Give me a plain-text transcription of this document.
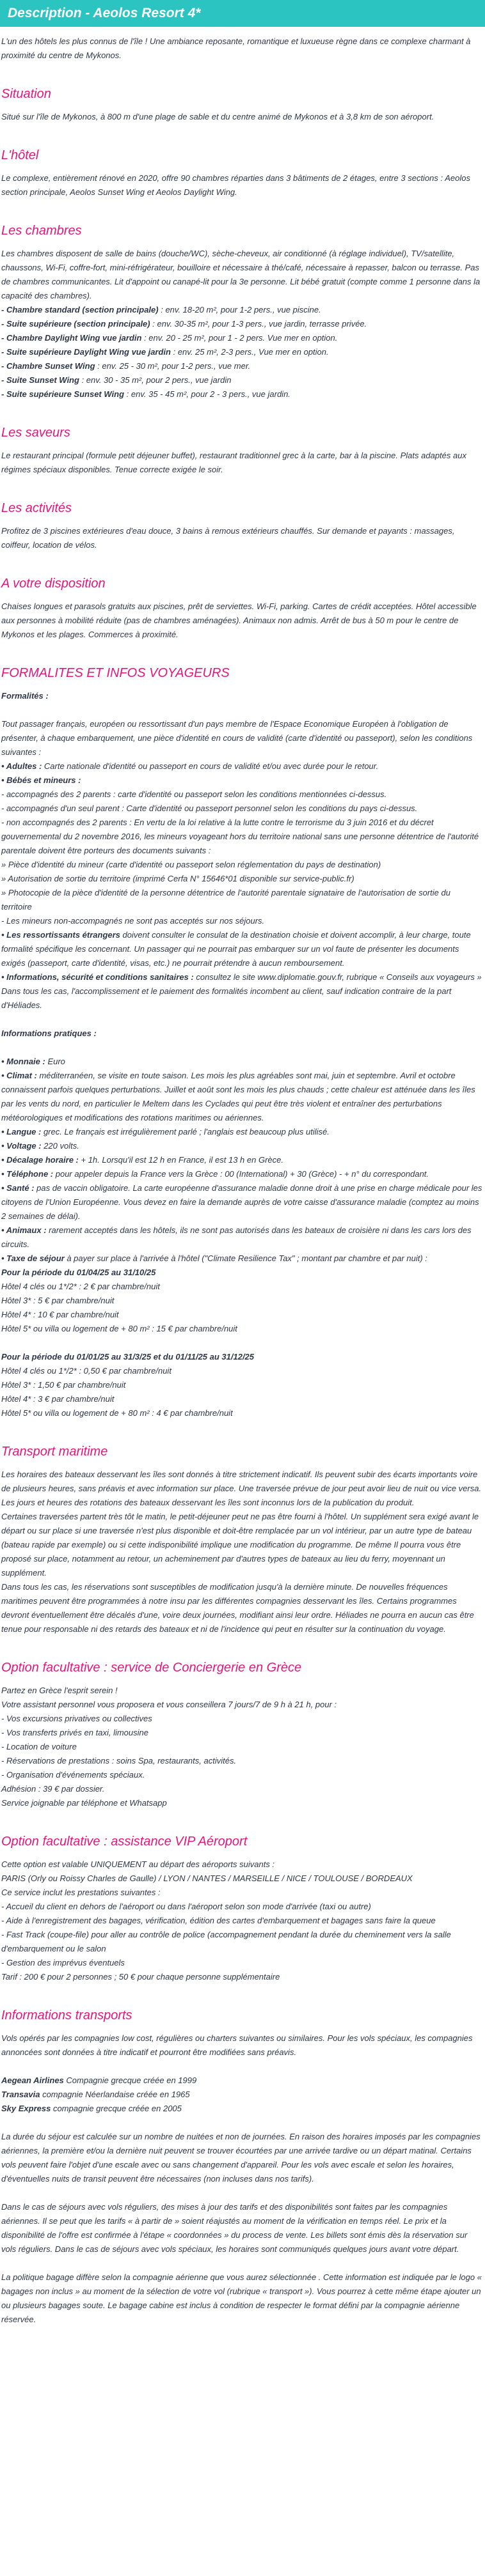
Description - Aeolos Resort 4*

L'un des hôtels les plus connus de l'île ! Une ambiance reposante, romantique et luxueuse règne dans ce complexe charmant à proximité du centre de Mykonos.

Situation

Situé sur l'île de Mykonos, à 800 m d'une plage de sable et du centre animé de Mykonos et à 3,8 km de son aéroport.

L'hôtel

Le complexe, entièrement rénové en 2020, offre 90 chambres réparties dans 3 bâtiments de 2 étages, entre 3 sections : Aeolos section principale, Aeolos Sunset Wing et Aeolos Daylight Wing.

Les chambres

Les chambres disposent de salle de bains (douche/WC), sèche-cheveux, air conditionné (à réglage individuel), TV/satellite, chaussons, Wi-Fi, coffre-fort, mini-réfrigérateur, bouilloire et nécessaire à thé/café, nécessaire à repasser, balcon ou terrasse. Pas de chambres communicantes. Lit d'appoint ou canapé-lit pour la 3e personne. Lit bébé gratuit (compte comme 1 personne dans la capacité des chambres).

- Chambre standard (section principale) : env. 18-20 m², pour 1-2 pers., vue piscine.

- Suite supérieure (section principale) : env. 30-35 m², pour 1-3 pers., vue jardin, terrasse privée.

- Chambre Daylight Wing vue jardin : env. 20 - 25 m², pour 1 - 2 pers. Vue mer en option.

- Suite supérieure Daylight Wing vue jardin : env. 25 m², 2-3 pers., Vue mer en option.

- Chambre Sunset Wing : env. 25 - 30 m², pour 1-2 pers., vue mer.

- Suite Sunset Wing : env. 30 - 35 m², pour 2 pers., vue jardin

- Suite supérieure Sunset Wing : env. 35 - 45 m², pour 2 - 3 pers., vue jardin.

Les saveurs

Le restaurant principal (formule petit déjeuner buffet), restaurant traditionnel grec à la carte, bar à la piscine. Plats adaptés aux régimes spéciaux disponibles. Tenue correcte exigée le soir.

Les activités

Profitez de 3 piscines extérieures d'eau douce, 3 bains à remous extérieurs chauffés. Sur demande et payants : massages, coiffeur, location de vélos.

A votre disposition

Chaises longues et parasols gratuits aux piscines, prêt de serviettes. Wi-Fi, parking. Cartes de crédit acceptées. Hôtel accessible aux personnes à mobilité réduite (pas de chambres aménagées). Animaux non admis. Arrêt de bus à 50 m pour le centre de Mykonos et les plages. Commerces à proximité.

FORMALITES ET INFOS VOYAGEURS

Formalités :

Tout passager français, européen ou ressortissant d'un pays membre de l'Espace Economique Européen à l'obligation de présenter, à chaque embarquement, une pièce d'identité en cours de validité (carte d'identité ou passeport), selon les conditions suivantes :

• Adultes : Carte nationale d'identité ou passeport en cours de validité et/ou avec durée pour le retour.

• Bébés et mineurs :

- accompagnés des 2 parents : carte d'identité ou passeport selon les conditions mentionnées ci-dessus.

- accompagnés d'un seul parent : Carte d'identité ou passeport personnel selon les conditions du pays ci-dessus.

- non accompagnés des 2 parents : En vertu de la loi relative à la lutte contre le terrorisme du 3 juin 2016 et du décret gouvernemental du 2 novembre 2016, les mineurs voyageant hors du territoire national sans une personne détentrice de l'autorité parentale doivent être porteurs des documents suivants :

» Pièce d'identité du mineur (carte d'identité ou passeport selon réglementation du pays de destination)

» Autorisation de sortie du territoire (imprimé Cerfa N° 15646*01 disponible sur service-public.fr)

» Photocopie de la pièce d'identité de la personne détentrice de l'autorité parentale signataire de l'autorisation de sortie du territoire

- Les mineurs non-accompagnés ne sont pas acceptés sur nos séjours.

• Les ressortissants étrangers doivent consulter le consulat de la destination choisie et doivent accomplir, à leur charge, toute formalité spécifique les concernant. Un passager qui ne pourrait pas embarquer sur un vol faute de présenter les documents exigés (passeport, carte d'identité, visas, etc.) ne pourrait prétendre à aucun remboursement.

• Informations, sécurité et conditions sanitaires : consultez le site www.diplomatie.gouv.fr, rubrique « Conseils aux voyageurs »

Dans tous les cas, l'accomplissement et le paiement des formalités incombent au client, sauf indication contraire de la part d'Héliades.

Informations pratiques :

• Monnaie : Euro

• Climat : méditerranéen, se visite en toute saison. Les mois les plus agréables sont mai, juin et septembre. Avril et octobre connaissent parfois quelques perturbations. Juillet et août sont les mois les plus chauds ; cette chaleur est atténuée dans les îles par les vents du nord, en particulier le Meltem dans les Cyclades qui peut être très violent et entraîner des perturbations météorologiques et modifications des rotations maritimes ou aériennes.

• Langue : grec. Le français est irrégulièrement parlé ; l'anglais est beaucoup plus utilisé.

• Voltage : 220 volts.

• Décalage horaire : + 1h. Lorsqu'il est 12 h en France, il est 13 h en Grèce.

• Téléphone : pour appeler depuis la France vers la Grèce : 00 (International) + 30 (Grèce) - + n° du correspondant.

• Santé : pas de vaccin obligatoire. La carte européenne d'assurance maladie donne droit à une prise en charge médicale pour les citoyens de l'Union Européenne. Vous devez en faire la demande auprès de votre caisse d'assurance maladie (comptez au moins 2 semaines de délai).

• Animaux : rarement acceptés dans les hôtels, ils ne sont pas autorisés dans les bateaux de croisière ni dans les cars lors des circuits.

• Taxe de séjour à payer sur place à l'arrivée à l'hôtel ("Climate Resilience Tax" ; montant par chambre et par nuit) :

Pour la période du 01/04/25 au 31/10/25

Hôtel 4 clés ou 1*/2* : 2 € par chambre/nuit

Hôtel 3* : 5 € par chambre/nuit

Hôtel 4* : 10 € par chambre/nuit

Hôtel 5* ou villa ou logement de + 80 m² : 15 € par chambre/nuit

Pour la période du 01/01/25 au 31/3/25 et du 01/11/25 au 31/12/25

Hôtel 4 clés ou 1*/2* : 0,50 € par chambre/nuit

Hôtel 3* : 1,50 € par chambre/nuit

Hôtel 4* : 3 € par chambre/nuit

Hôtel 5* ou villa ou logement de + 80 m² : 4 € par chambre/nuit

Transport maritime

Les horaires des bateaux desservant les îles sont donnés à titre strictement indicatif. Ils peuvent subir des écarts importants voire de plusieurs heures, sans préavis et avec information sur place. Une traversée prévue de jour peut avoir lieu de nuit ou vice versa. Les jours et heures des rotations des bateaux desservant les îles sont inconnus lors de la publication du produit.

Certaines traversées partent très tôt le matin, le petit-déjeuner peut ne pas être fourni à l'hôtel. Un supplément sera exigé avant le départ ou sur place si une traversée n'est plus disponible et doit-être remplacée par un vol intérieur, par un autre type de bateau (bateau rapide par exemple) ou si cette indisponibilité implique une modification du programme. De même Il pourra vous être proposé sur place, notamment au retour, un acheminement par d'autres types de bateaux au lieu du ferry, moyennant un supplément.

Dans tous les cas, les réservations sont susceptibles de modification jusqu'à la dernière minute. De nouvelles fréquences maritimes peuvent être programmées à notre insu par les différentes compagnies desservant les îles. Certains programmes devront éventuellement être décalés d'une, voire deux journées, modifiant ainsi leur ordre. Héliades ne pourra en aucun cas être tenue pour responsable ni des retards des bateaux et ni de l'incidence qui peut en résulter sur la continuation du voyage.

Option facultative : service de Conciergerie en Grèce

Partez en Grèce l'esprit serein !

Votre assistant personnel vous proposera et vous conseillera 7 jours/7 de 9 h à 21 h, pour :

- Vos excursions privatives ou collectives

- Vos transferts privés en taxi, limousine

- Location de voiture

- Réservations de prestations : soins Spa, restaurants, activités.

- Organisation d'événements spéciaux.

Adhésion : 39 € par dossier.

Service joignable par téléphone et Whatsapp

Option facultative : assistance VIP Aéroport

Cette option est valable UNIQUEMENT au départ des aéroports suivants :

PARIS (Orly ou Roissy Charles de Gaulle) / LYON / NANTES / MARSEILLE / NICE / TOULOUSE / BORDEAUX

Ce service inclut les prestations suivantes :

- Accueil du client en dehors de l'aéroport ou dans l'aéroport selon son mode d'arrivée (taxi ou autre)

- Aide à l'enregistrement des bagages, vérification, édition des cartes d'embarquement et bagages sans faire la queue

- Fast Track (coupe-file) pour aller au contrôle de police (accompagnement pendant la durée du cheminement vers la salle d'embarquement ou le salon

- Gestion des imprévus éventuels

Tarif : 200 € pour 2 personnes ; 50 € pour chaque personne supplémentaire

Informations transports

Vols opérés par les compagnies low cost, régulières ou charters suivantes ou similaires. Pour les vols spéciaux, les compagnies annoncées sont données à titre indicatif et pourront être modifiées sans préavis.

Aegean Airlines Compagnie grecque créée en 1999

Transavia compagnie Néerlandaise créée en 1965

Sky Express compagnie grecque créée en 2005

La durée du séjour est calculée sur un nombre de nuitées et non de journées. En raison des horaires imposés par les compagnies aériennes, la première et/ou la dernière nuit peuvent se trouver écourtées par une arrivée tardive ou un départ matinal. Certains vols peuvent faire l'objet d'une escale avec ou sans changement d'appareil. Pour les vols avec escale et selon les horaires, d'éventuelles nuits de transit peuvent être nécessaires (non incluses dans nos tarifs).

Dans le cas de séjours avec vols réguliers, des mises à jour des tarifs et des disponibilités sont faites par les compagnies aériennes. Il se peut que les tarifs « à partir de » soient réajustés au moment de la vérification en temps réel. Le prix et la disponibilité de l'offre est confirmée à l'étape « coordonnées » du process de vente. Les billets sont émis dès la réservation sur vols réguliers. Dans le cas de séjours avec vols spéciaux, les horaires sont communiqués quelques jours avant votre départ.

La politique bagage diffère selon la compagnie aérienne que vous aurez sélectionnée . Cette information est indiquée par le logo « bagages non inclus » au moment de la sélection de votre vol (rubrique « transport »). Vous pourrez à cette même étape ajouter un ou plusieurs bagages soute. Le bagage cabine est inclus à condition de respecter le format défini par la compagnie aérienne réservée.
